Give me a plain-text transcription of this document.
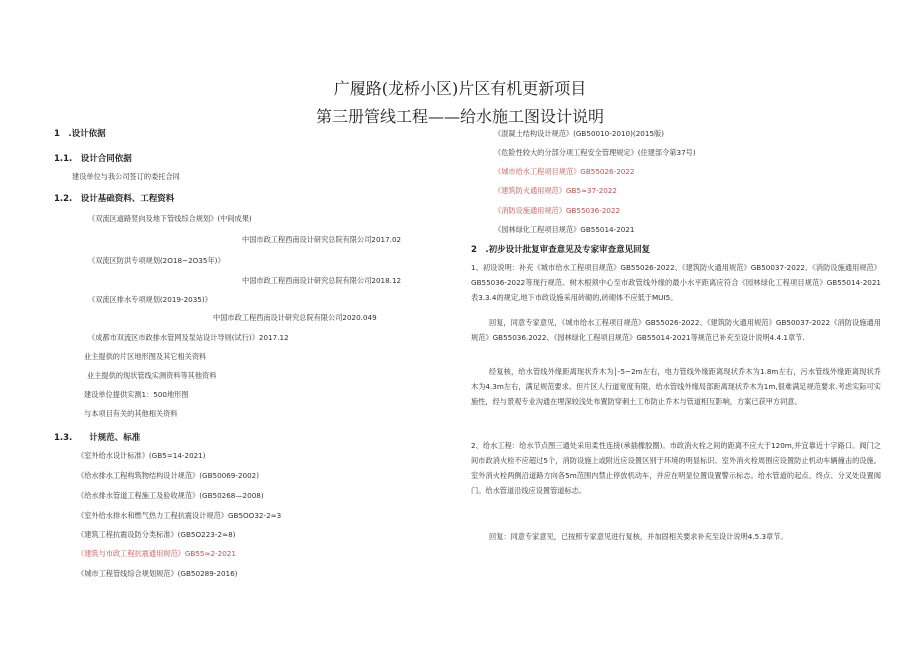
广履路(龙桥小区)片区有机更新项目
第三册管线工程——给水施工图设计说明
1　.设计依据
1.1.　设计合同依据
建设单位与我公司签订的委托合同
1.2.　设计基础资料、工程资料
《双流区道路竖向及地下管线综合规划》(中间成果)
中国市政工程西南设计研究总院有限公司2017.02
《双流区防洪专项规划(2O18~2O35年)》
中国市政工程西南设计研究总院有限公司2018.12
《双流区排水专项规划(2019-2035)》
中国市政工程西南设计研究总院有限公司2020.049
《成都市双流区市政排水管网及泵站设计导则(试行)》2017.12
业主提供的片区地形图及其它相关资料
业主提供的现状管线实测资料等其他资料
建设单位提供实测1：500地形图
与本项目有关的其他相关资料
1.3.　　计规范、标准
《室外给水设计标准》(GB5=14-2021)
《给水排水工程构筑物结构设计规范》(GB50069-2002)
《给水排水管道工程施工及验收规范》(GB50268—2008)
《室外给水排水和燃气热力工程抗震设计规范》GB5OO32-2≈3
《建筑工程抗震设防分类标准》(GB5O223-2≈8)
《建筑与市政工程抗震通用规范》GB55≈2-2021
《城市工程管线综合规划规范》(GB50289-2016)
《混凝土结构设计规范》(GB50010-2010)(2015版)
《危险性较大的分部分项工程安全管理规定》(住建部令第37号)
《城市给水工程项目规范》GB55026-2022
《建筑防火通用规范》GB5≈37-2022
《消防设施通用规范》GB55036-2022
《园林绿化工程项目规范》GB55014-2021
2　.初步设计批复审查意见及专家审查意见回复
1、初设说明：补充《城市给水工程项目规范》GB55026-2022、《建筑防火通用规范》GB50037-2022、《消防设施通用规范》GB55036-2022等现行规范。树木根须中心至市政管线外缘的最小水平距离应符合《园林绿化工程项目规范》GB55014-2021表3.3.4的规定,地下市政设施采用砖砌的,砖砌体不应低于MUI5。
回复，同意专家意见，《城市给水工程项目规范》GB55026-2022、《建筑防火通用规范》GB50037-2022《消防设施通用规范》GB55036.2022、《园林绿化工程项目规范》GB55014-2021等规范已补充至设计说明4.4.1章节.
经复核，给水管线外缘距离现状乔木为│-5~2m左右，电力管线外缘距离现状乔木为1.8m左右，污水管线外缘距离现状乔木为4.3m左右，满足规范要求。但片区人行道宽度有限，给水管线外缘局部距离现状乔木为1m,很难满足规范要求.考虑实际可实施性，经与景观专业沟通在埋深较浅处布置防穿刺土工布防止乔木与管道相互影响，方案已获甲方同意。
2、给水工程：给水节点图三通处采用柔性连接(承插橡胶圈)。市政消火栓之间的距离不应大于120m,并宜靠近十字路口。阀门之间市政消火栓不应超过5个，消防设施上或附近应设置区别于环境的明显标识。室外消火栓周围应设置防止机动车辆撞击的设施。室外消火栓两侧沿道路方向各5m范围内禁止停放机动车，并应在明显位置设置警示标志。给水管道的起点、终点、分叉处设置阀门。给水管道沿线应设置管道标志。
回复：同意专家意见，已按照专家意见进行复核，并加固相关要求补充至设计说明4.5.3章节。
